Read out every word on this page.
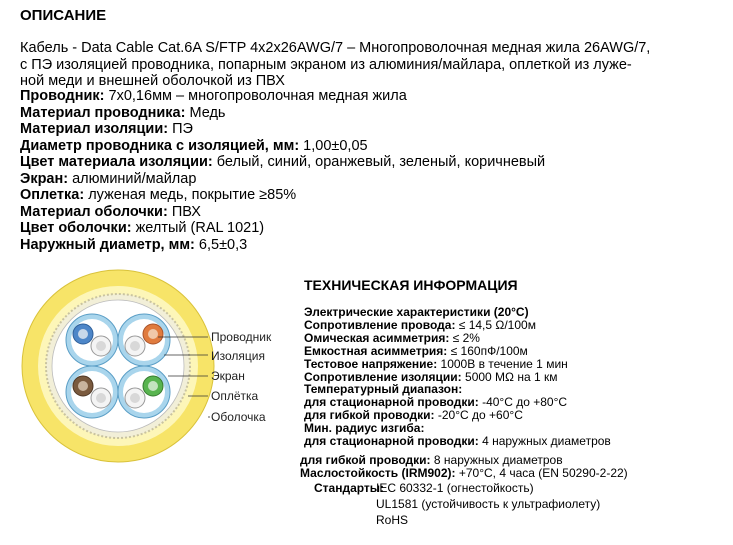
ОПИСАНИЕ
Кабель - Data Cable Cat.6A S/FTP 4x2x26AWG/7 – Многопроволочная медная жила 26AWG/7,
с ПЭ изоляцией проводника, попарным экраном из алюминия/майлара, оплеткой из луже-
ной меди и внешней оболочкой из ПВХ
Проводник: 7х0,16мм – многопроволочная медная жила
Материал проводника: Медь
Материал изоляции: ПЭ
Диаметр проводника с изоляцией, мм: 1,00±0,05
Цвет материала изоляции: белый, синий, оранжевый, зеленый, коричневый
Экран: алюминий/майлар
Оплетка: луженая медь, покрытие ≥85%
Материал оболочки: ПВХ
Цвет оболочки: желтый (RAL 1021)
Наружный диаметр, мм: 6,5±0,3
Проводник
Изоляция
Экран
Оплётка
Оболочка
ТЕХНИЧЕСКАЯ ИНФОРМАЦИЯ
Электрические характеристики (20°C)
Сопротивление провода: ≤ 14,5 Ω/100м
Омическая асимметрия: ≤ 2%
Емкостная асимметрия: ≤ 160пФ/100м
Тестовое напряжение: 1000В в течение 1 мин
Сопротивление изоляции: 5000 MΩ на 1 км
Температурный диапазон:
для стационарной проводки: -40°C до +80°C
для гибкой проводки: -20°C до +60°C
Мин. радиус изгиба:
для стационарной проводки: 4 наружных диаметров
для гибкой проводки: 8 наружных диаметров
Маслостойкость (IRM902): +70°C, 4 часа (EN 50290-2-22)
Стандарты:
IEC 60332-1 (огнестойкость)
UL1581 (устойчивость к ультрафиолету)
RoHS
